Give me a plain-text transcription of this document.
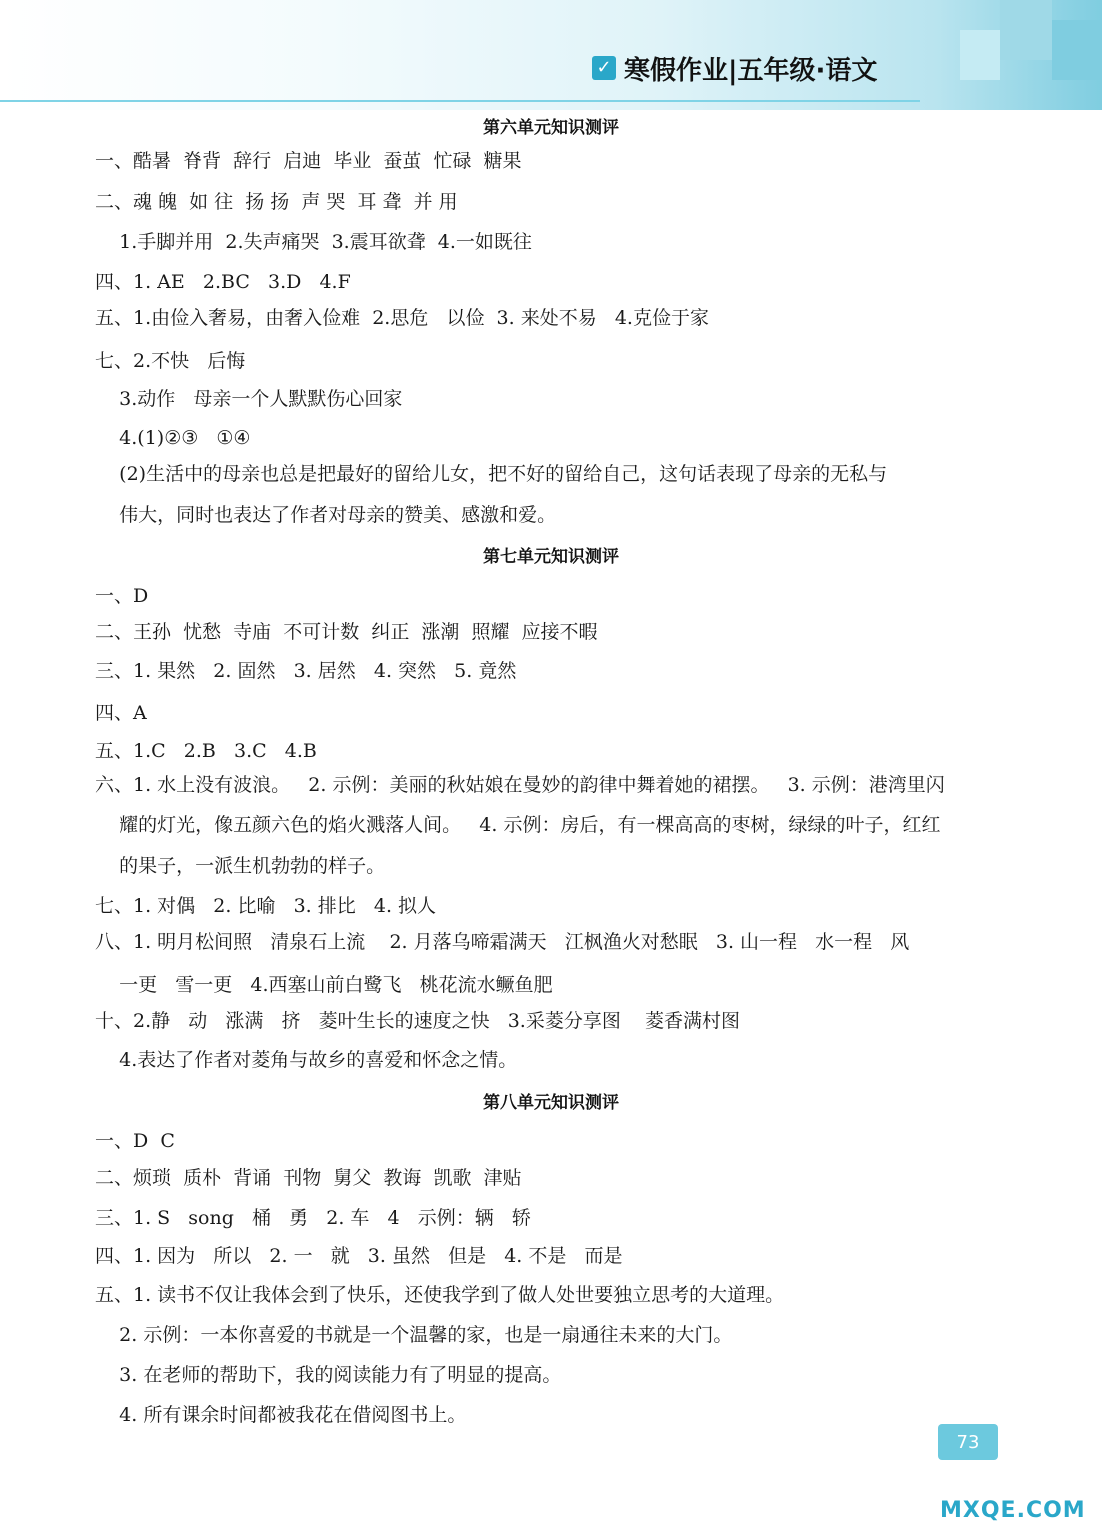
✓ 寒假作业|五年级·语文
第六单元知识测评
一、酷暑  脊背  辞行  启迪  毕业  蚕茧  忙碌  糖果
二、魂 魄  如 往  扬 扬  声 哭  耳 聋  并 用
1.手脚并用  2.失声痛哭  3.震耳欲聋  4.一如既往
四、1. AE   2.BC   3.D   4.F
五、1.由俭入奢易，由奢入俭难  2.思危   以俭  3. 来处不易   4.克俭于家
七、2.不快   后悔
3.动作   母亲一个人默默伤心回家
4.(1)②③   ①④
(2)生活中的母亲也总是把最好的留给儿女，把不好的留给自己，这句话表现了母亲的无私与
伟大，同时也表达了作者对母亲的赞美、感激和爱。
第七单元知识测评
一、D
二、王孙  忧愁  寺庙  不可计数  纠正  涨潮  照耀  应接不暇
三、1. 果然   2. 固然   3. 居然   4. 突然   5. 竟然
四、A
五、1.C   2.B   3.C   4.B
六、1. 水上没有波浪。   2. 示例：美丽的秋姑娘在曼妙的韵律中舞着她的裙摆。   3. 示例：港湾里闪
耀的灯光，像五颜六色的焰火溅落人间。   4. 示例：房后，有一棵高高的枣树，绿绿的叶子，红红
的果子，一派生机勃勃的样子。
七、1. 对偶   2. 比喻   3. 排比   4. 拟人
八、1. 明月松间照   清泉石上流    2. 月落乌啼霜满天   江枫渔火对愁眠   3. 山一程   水一程   风
一更   雪一更   4.西塞山前白鹭飞   桃花流水鳜鱼肥
十、2.静   动   涨满   挤   菱叶生长的速度之快   3.采菱分享图    菱香满村图
4.表达了作者对菱角与故乡的喜爱和怀念之情。
第八单元知识测评
一、D  C
二、烦琐  质朴  背诵  刊物  舅父  教诲  凯歌  津贴
三、1. S   song   桶   勇   2. 车   4   示例：辆   轿
四、1. 因为   所以   2. 一   就   3. 虽然   但是   4. 不是   而是
五、1. 读书不仅让我体会到了快乐，还使我学到了做人处世要独立思考的大道理。
2. 示例：一本你喜爱的书就是一个温馨的家，也是一扇通往未来的大门。
3. 在老师的帮助下，我的阅读能力有了明显的提高。
4. 所有课余时间都被我花在借阅图书上。
73
MXQE.COM
